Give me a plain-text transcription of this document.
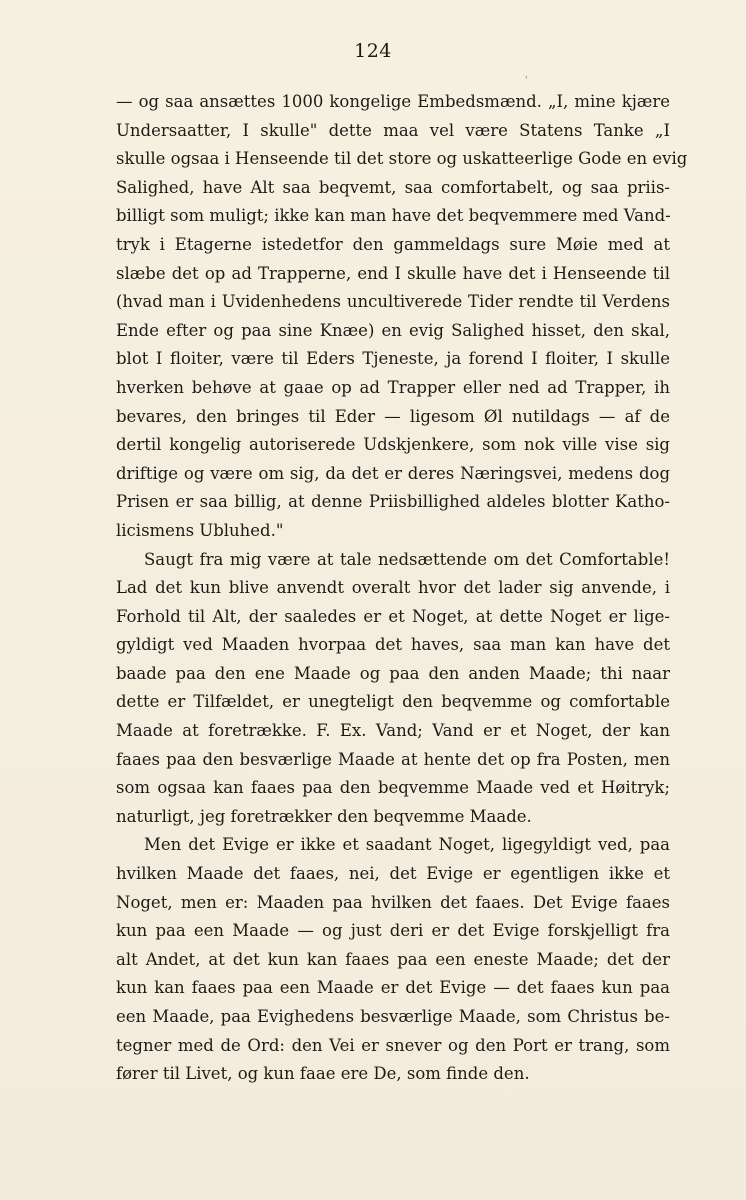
124
'
— og saa ansættes 1000 kongelige Embedsmænd. „I, mine kjære
Undersaatter, I skulle" dette maa vel være Statens Tanke „I
skulle ogsaa i Henseende til det store og uskatteerlige Gode en evig
Salighed, have Alt saa beqvemt, saa comfortabelt, og saa priis-
billigt som muligt; ikke kan man have det beqvemmere med Vand-
tryk i Etagerne istedetfor den gammeldags sure Møie med at
slæbe det op ad Trapperne, end I skulle have det i Henseende til
(hvad man i Uvidenhedens uncultiverede Tider rendte til Verdens
Ende efter og paa sine Knæe) en evig Salighed hisset, den skal,
blot I floiter, være til Eders Tjeneste, ja forend I floiter, I skulle
hverken behøve at gaae op ad Trapper eller ned ad Trapper, ih
bevares, den bringes til Eder — ligesom Øl nutildags — af de
dertil kongelig autoriserede Udskjenkere, som nok ville vise sig
driftige og være om sig, da det er deres Næringsvei, medens dog
Prisen er saa billig, at denne Priisbillighed aldeles blotter Katho-
licismens Ubluhed."
Saugt fra mig være at tale nedsættende om det Comfortable!
Lad det kun blive anvendt overalt hvor det lader sig anvende, i
Forhold til Alt, der saaledes er et Noget, at dette Noget er lige-
gyldigt ved Maaden hvorpaa det haves, saa man kan have det
baade paa den ene Maade og paa den anden Maade; thi naar
dette er Tilfældet, er unegteligt den beqvemme og comfortable
Maade at foretrække. F. Ex. Vand; Vand er et Noget, der kan
faaes paa den besværlige Maade at hente det op fra Posten, men
som ogsaa kan faaes paa den beqvemme Maade ved et Høitryk;
naturligt, jeg foretrækker den beqvemme Maade.
Men det Evige er ikke et saadant Noget, ligegyldigt ved, paa
hvilken Maade det faaes, nei, det Evige er egentligen ikke et
Noget, men er: Maaden paa hvilken det faaes. Det Evige faaes
kun paa een Maade — og just deri er det Evige forskjelligt fra
alt Andet, at det kun kan faaes paa een eneste Maade; det der
kun kan faaes paa een Maade er det Evige — det faaes kun paa
een Maade, paa Evighedens besværlige Maade, som Christus be-
tegner med de Ord: den Vei er snever og den Port er trang, som
fører til Livet, og kun faae ere De, som finde den.
